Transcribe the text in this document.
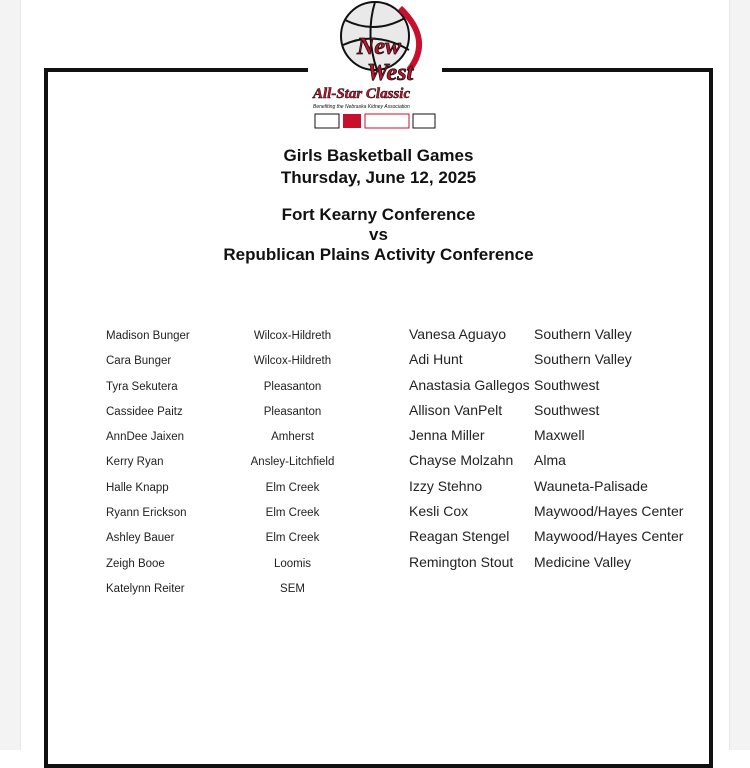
New
West
All-Star Classic
Benefiting the Nebraska Kidney Association
Girls Basketball Games
Thursday, June 12, 2025
Fort Kearny Conference
vs
Republican Plains Activity Conference
Madison Bunger
Cara Bunger
Tyra Sekutera
Cassidee Paitz
AnnDee Jaixen
Kerry Ryan
Halle Knapp
Ryann Erickson
Ashley Bauer
Zeigh Booe
Katelynn Reiter
Wilcox-Hildreth
Wilcox-Hildreth
Pleasanton
Pleasanton
Amherst
Ansley-Litchfield
Elm Creek
Elm Creek
Elm Creek
Loomis
SEM
Vanesa Aguayo
Adi Hunt
Anastasia Gallegos
Allison VanPelt
Jenna Miller
Chayse Molzahn
Izzy Stehno
Kesli Cox
Reagan Stengel
Remington Stout
Southern Valley
Southern Valley
Southwest
Southwest
Maxwell
Alma
Wauneta-Palisade
Maywood/Hayes Center
Maywood/Hayes Center
Medicine Valley
